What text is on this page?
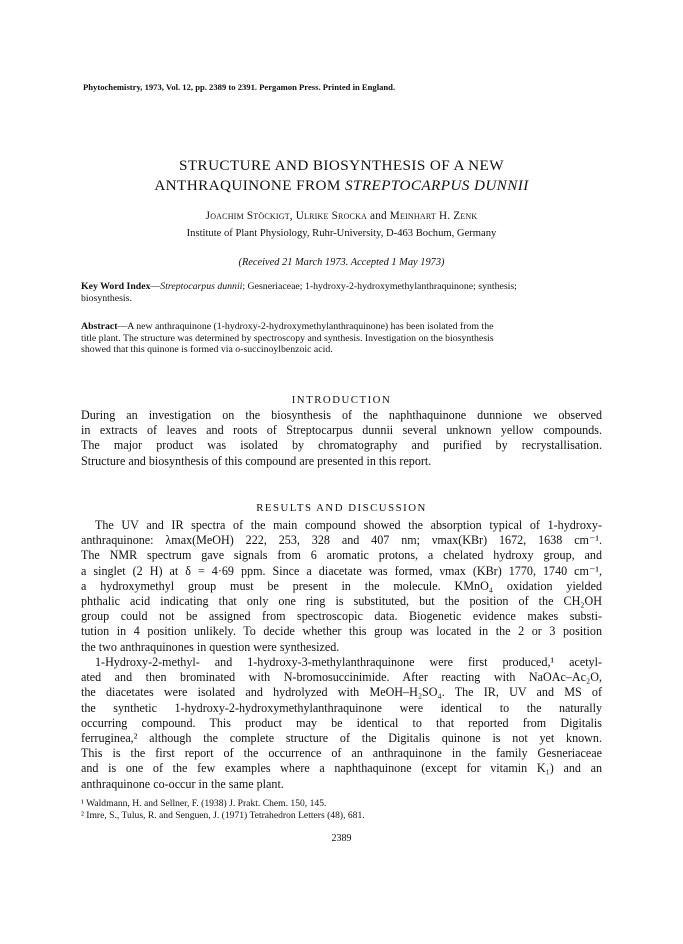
Phytochemistry, 1973, Vol. 12, pp. 2389 to 2391. Pergamon Press. Printed in England.
STRUCTURE AND BIOSYNTHESIS OF A NEW
ANTHRAQUINONE FROM STREPTOCARPUS DUNNII
Joachim Stöckigt, Ulrike Srocka and Meinhart H. Zenk
Institute of Plant Physiology, Ruhr-University, D-463 Bochum, Germany
(Received 21 March 1973. Accepted 1 May 1973)
Key Word Index—Streptocarpus dunnii; Gesneriaceae; 1-hydroxy-2-hydroxymethylanthraquinone; synthesis;
biosynthesis.
Abstract—A new anthraquinone (1-hydroxy-2-hydroxymethylanthraquinone) has been isolated from the
title plant. The structure was determined by spectroscopy and synthesis. Investigation on the biosynthesis
showed that this quinone is formed via o-succinoylbenzoic acid.
INTRODUCTION
During an investigation on the biosynthesis of the naphthaquinone dunnione we observed
in extracts of leaves and roots of Streptocarpus dunnii several unknown yellow compounds.
The major product was isolated by chromatography and purified by recrystallisation.
Structure and biosynthesis of this compound are presented in this report.
RESULTS AND DISCUSSION
The UV and IR spectra of the main compound showed the absorption typical of 1-hydroxy-
anthraquinone: λmax(MeOH) 222, 253, 328 and 407 nm; νmax(KBr) 1672, 1638 cm⁻¹.
The NMR spectrum gave signals from 6 aromatic protons, a chelated hydroxy group, and
a singlet (2 H) at δ = 4·69 ppm. Since a diacetate was formed, νmax (KBr) 1770, 1740 cm⁻¹,
a hydroxymethyl group must be present in the molecule. KMnO₄ oxidation yielded
phthalic acid indicating that only one ring is substituted, but the position of the CH₂OH
group could not be assigned from spectroscopic data. Biogenetic evidence makes substi-
tution in 4 position unlikely. To decide whether this group was located in the 2 or 3 position
the two anthraquinones in question were synthesized.
1-Hydroxy-2-methyl- and 1-hydroxy-3-methylanthraquinone were first produced,¹ acetyl-
ated and then brominated with N-bromosuccinimide. After reacting with NaOAc–Ac₂O,
the diacetates were isolated and hydrolyzed with MeOH–H₂SO₄. The IR, UV and MS of
the synthetic 1-hydroxy-2-hydroxymethylanthraquinone were identical to the naturally
occurring compound. This product may be identical to that reported from Digitalis
ferruginea,² although the complete structure of the Digitalis quinone is not yet known.
This is the first report of the occurrence of an anthraquinone in the family Gesneriaceae
and is one of the few examples where a naphthaquinone (except for vitamin K₁) and an
anthraquinone co-occur in the same plant.
¹ Waldmann, H. and Sellner, F. (1938) J. Prakt. Chem. 150, 145.
² Imre, S., Tulus, R. and Senguen, J. (1971) Tetrahedron Letters (48), 681.
2389
